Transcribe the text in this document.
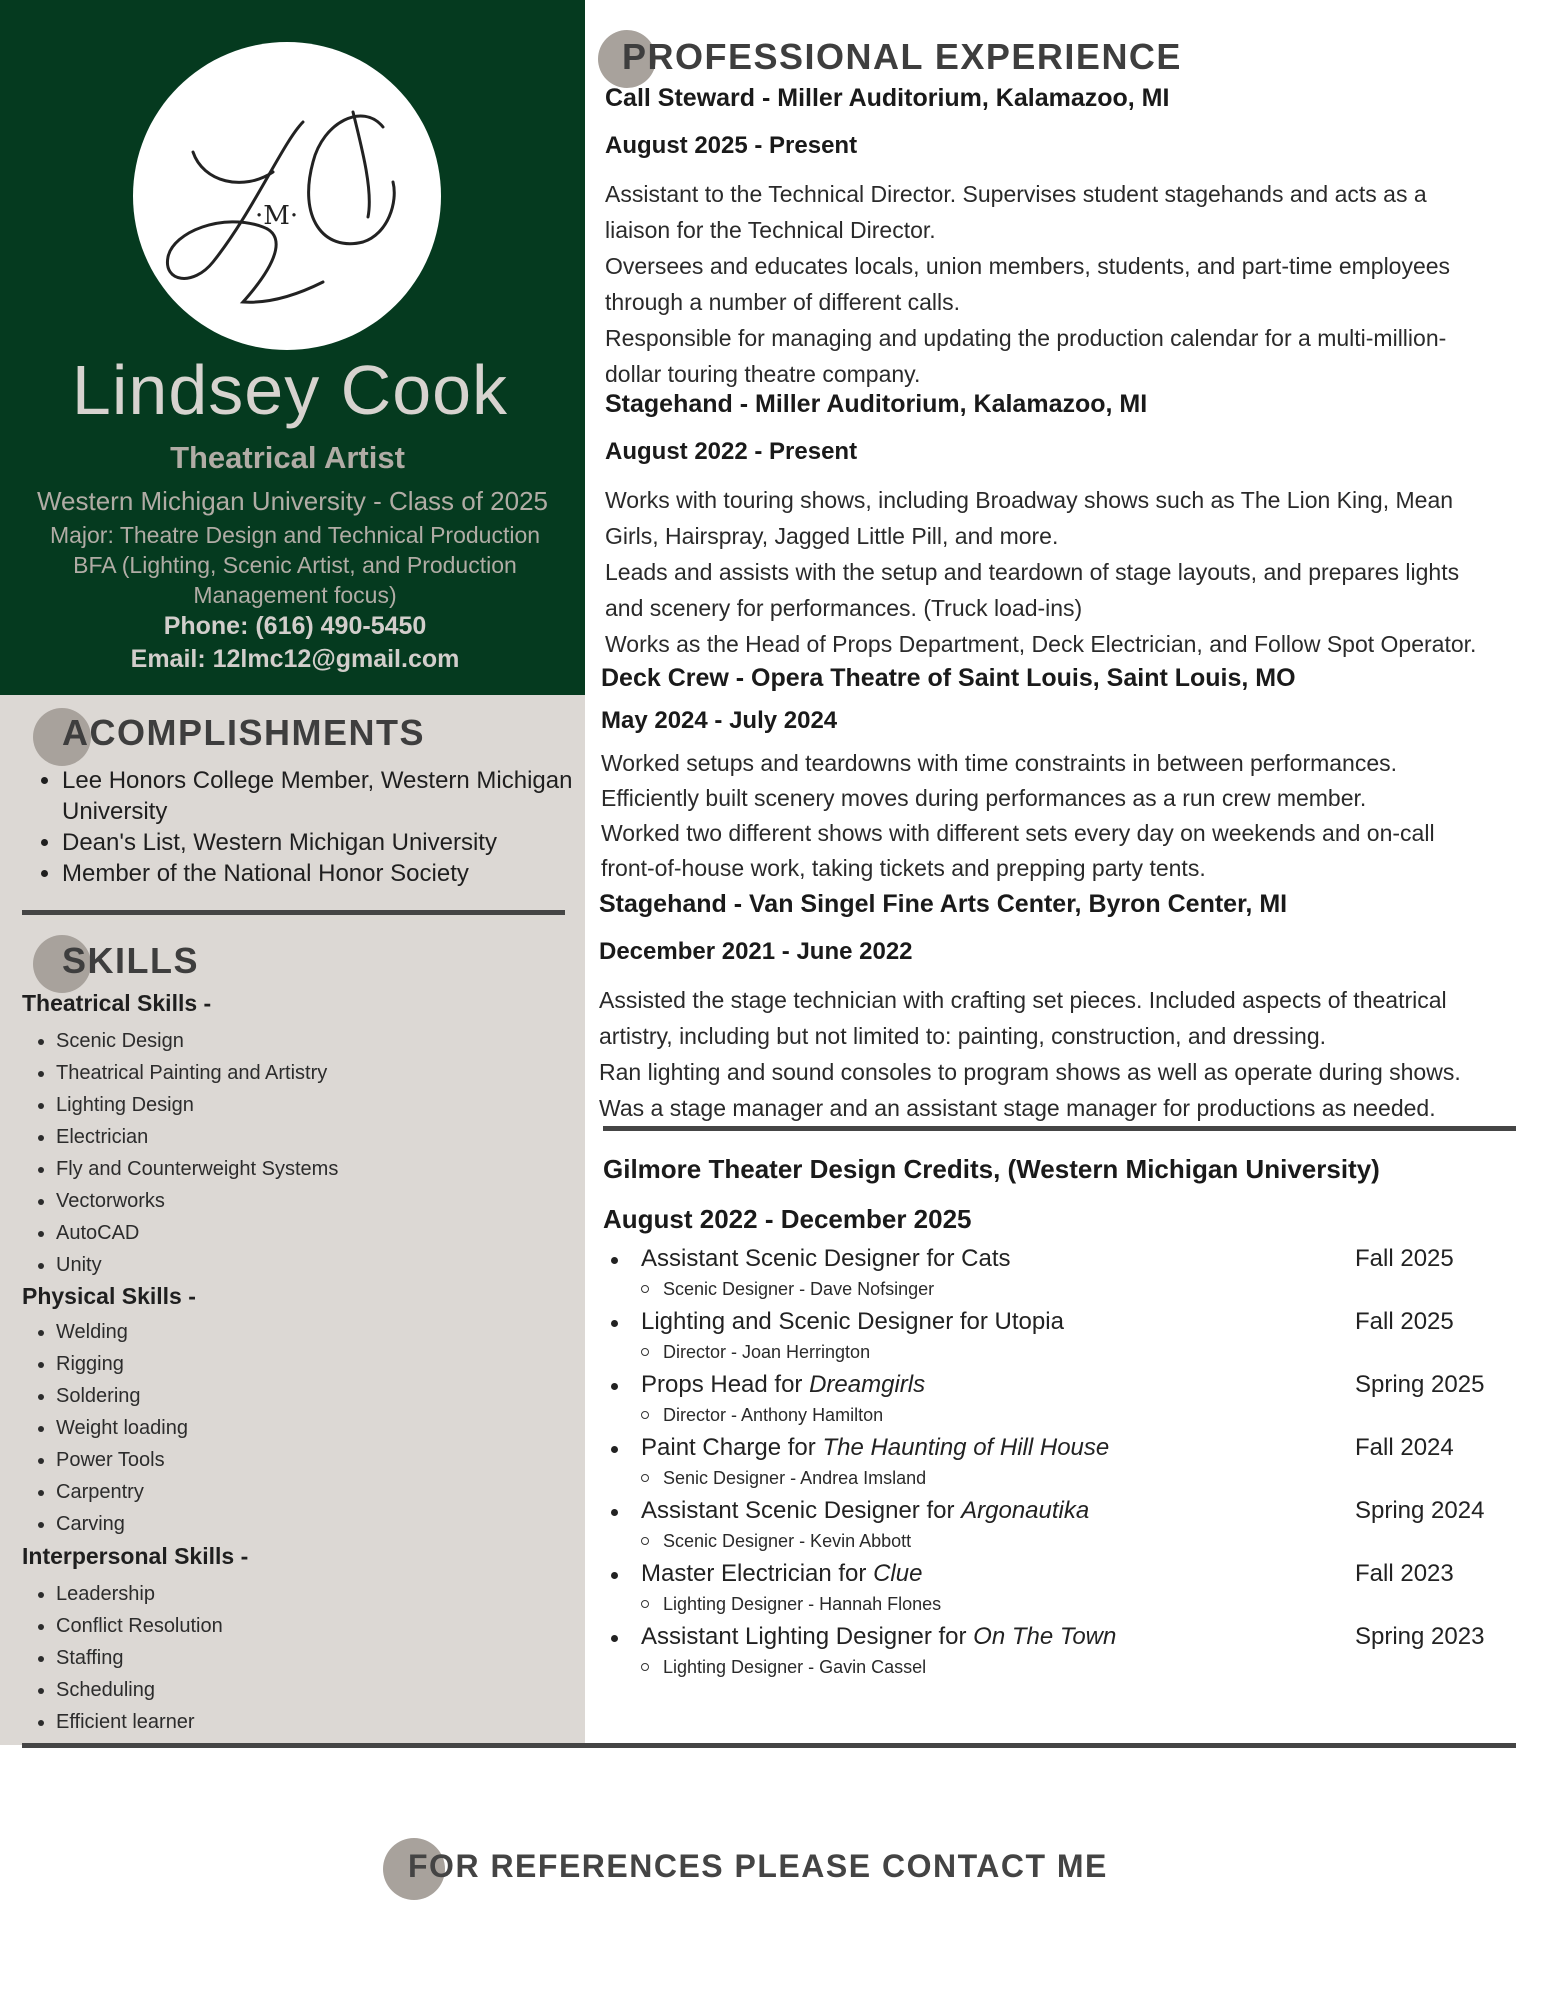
·M·
Lindsey Cook
Theatrical Artist
Western Michigan University - Class of 2025
Major: Theatre Design and Technical Production
BFA (Lighting, Scenic Artist, and Production
Management focus)
Phone: (616) 490-5450
Email: 12lmc12@gmail.com
ACOMPLISHMENTS
• Lee Honors College Member, Western Michigan University
• Dean's List, Western Michigan University
• Member of the National Honor Society
SKILLS
Theatrical Skills -
• Scenic Design
• Theatrical Painting and Artistry
• Lighting Design
• Electrician
• Fly and Counterweight Systems
• Vectorworks
• AutoCAD
• Unity
Physical Skills -
• Welding
• Rigging
• Soldering
• Weight loading
• Power Tools
• Carpentry
• Carving
Interpersonal Skills -
• Leadership
• Conflict Resolution
• Staffing
• Scheduling
• Efficient learner
PROFESSIONAL EXPERIENCE
Call Steward - Miller Auditorium, Kalamazoo, MI
August 2025 - Present
Assistant to the Technical Director. Supervises student stagehands and acts as a
liaison for the Technical Director.
Oversees and educates locals, union members, students, and part-time employees
through a number of different calls.
Responsible for managing and updating the production calendar for a multi-million-
dollar touring theatre company.
Stagehand - Miller Auditorium, Kalamazoo, MI
August 2022 - Present
Works with touring shows, including Broadway shows such as The Lion King, Mean
Girls, Hairspray, Jagged Little Pill, and more.
Leads and assists with the setup and teardown of stage layouts, and prepares lights
and scenery for performances. (Truck load-ins)
Works as the Head of Props Department, Deck Electrician, and Follow Spot Operator.
Deck Crew - Opera Theatre of Saint Louis, Saint Louis, MO
May 2024 - July 2024
Worked setups and teardowns with time constraints in between performances.
Efficiently built scenery moves during performances as a run crew member.
Worked two different shows with different sets every day on weekends and on-call
front-of-house work, taking tickets and prepping party tents.
Stagehand - Van Singel Fine Arts Center, Byron Center, MI
December 2021 - June 2022
Assisted the stage technician with crafting set pieces. Included aspects of theatrical
artistry, including but not limited to: painting, construction, and dressing.
Ran lighting and sound consoles to program shows as well as operate during shows.
Was a stage manager and an assistant stage manager for productions as needed.
Gilmore Theater Design Credits, (Western Michigan University)
August 2022 - December 2025
Assistant Scenic Designer for Cats	Fall 2025
Scenic Designer - Dave Nofsinger
Lighting and Scenic Designer for Utopia	Fall 2025
Director - Joan Herrington
Props Head for Dreamgirls	Spring 2025
Director - Anthony Hamilton
Paint Charge for The Haunting of Hill House	Fall 2024
Senic Designer - Andrea Imsland
Assistant Scenic Designer for Argonautika	Spring 2024
Scenic Designer - Kevin Abbott
Master Electrician for Clue	Fall 2023
Lighting Designer - Hannah Flones
Assistant Lighting Designer for On The Town	Spring 2023
Lighting Designer - Gavin Cassel
FOR REFERENCES PLEASE CONTACT ME
